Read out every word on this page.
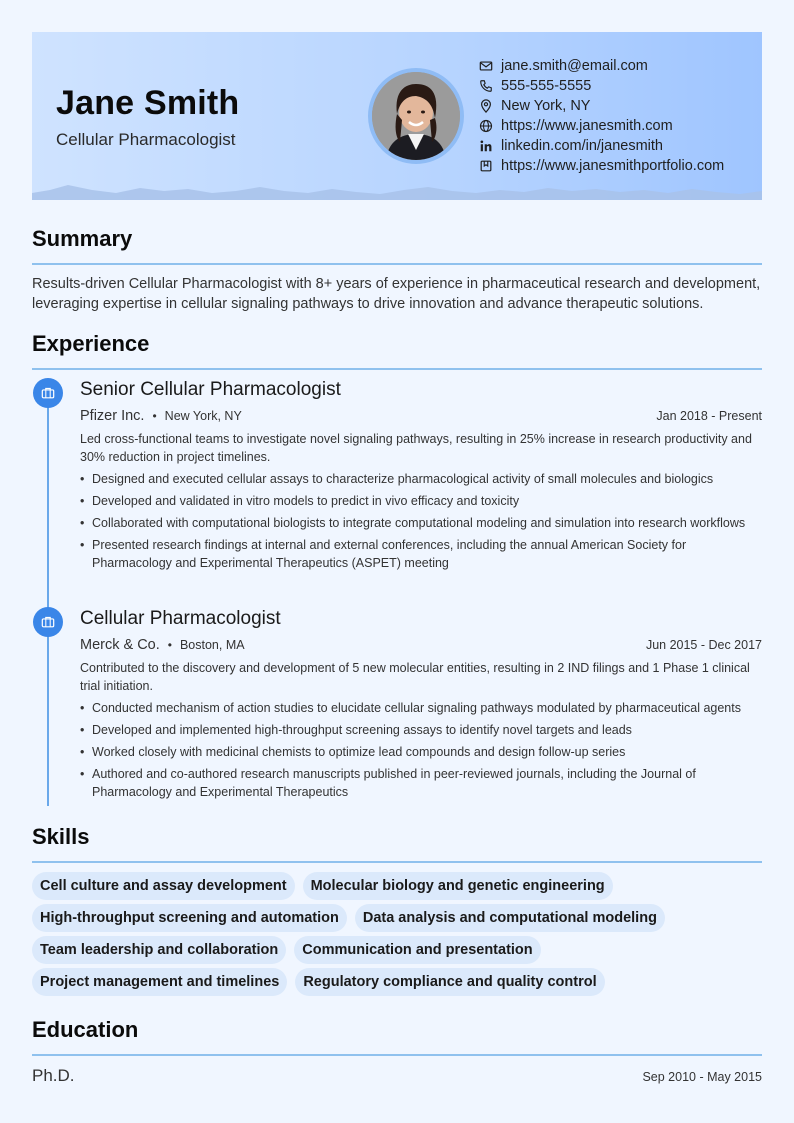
Jane Smith
Cellular Pharmacologist
jane.smith@email.com
555-555-5555
New York, NY
https://www.janesmith.com
linkedin.com/in/janesmith
https://www.janesmithportfolio.com
Summary
Results-driven Cellular Pharmacologist with 8+ years of experience in pharmaceutical research and development, leveraging expertise in cellular signaling pathways to drive innovation and advance therapeutic solutions.
Experience
Senior Cellular Pharmacologist
Pfizer Inc. • New York, NY	Jan 2018 - Present
Led cross-functional teams to investigate novel signaling pathways, resulting in 25% increase in research productivity and 30% reduction in project timelines.
• Designed and executed cellular assays to characterize pharmacological activity of small molecules and biologics
• Developed and validated in vitro models to predict in vivo efficacy and toxicity
• Collaborated with computational biologists to integrate computational modeling and simulation into research workflows
• Presented research findings at internal and external conferences, including the annual American Society for Pharmacology and Experimental Therapeutics (ASPET) meeting
Cellular Pharmacologist
Merck & Co. • Boston, MA	Jun 2015 - Dec 2017
Contributed to the discovery and development of 5 new molecular entities, resulting in 2 IND filings and 1 Phase 1 clinical trial initiation.
• Conducted mechanism of action studies to elucidate cellular signaling pathways modulated by pharmaceutical agents
• Developed and implemented high-throughput screening assays to identify novel targets and leads
• Worked closely with medicinal chemists to optimize lead compounds and design follow-up series
• Authored and co-authored research manuscripts published in peer-reviewed journals, including the Journal of Pharmacology and Experimental Therapeutics
Skills
Cell culture and assay development	Molecular biology and genetic engineering
High-throughput screening and automation	Data analysis and computational modeling
Team leadership and collaboration	Communication and presentation
Project management and timelines	Regulatory compliance and quality control
Education
Ph.D.	Sep 2010 - May 2015
